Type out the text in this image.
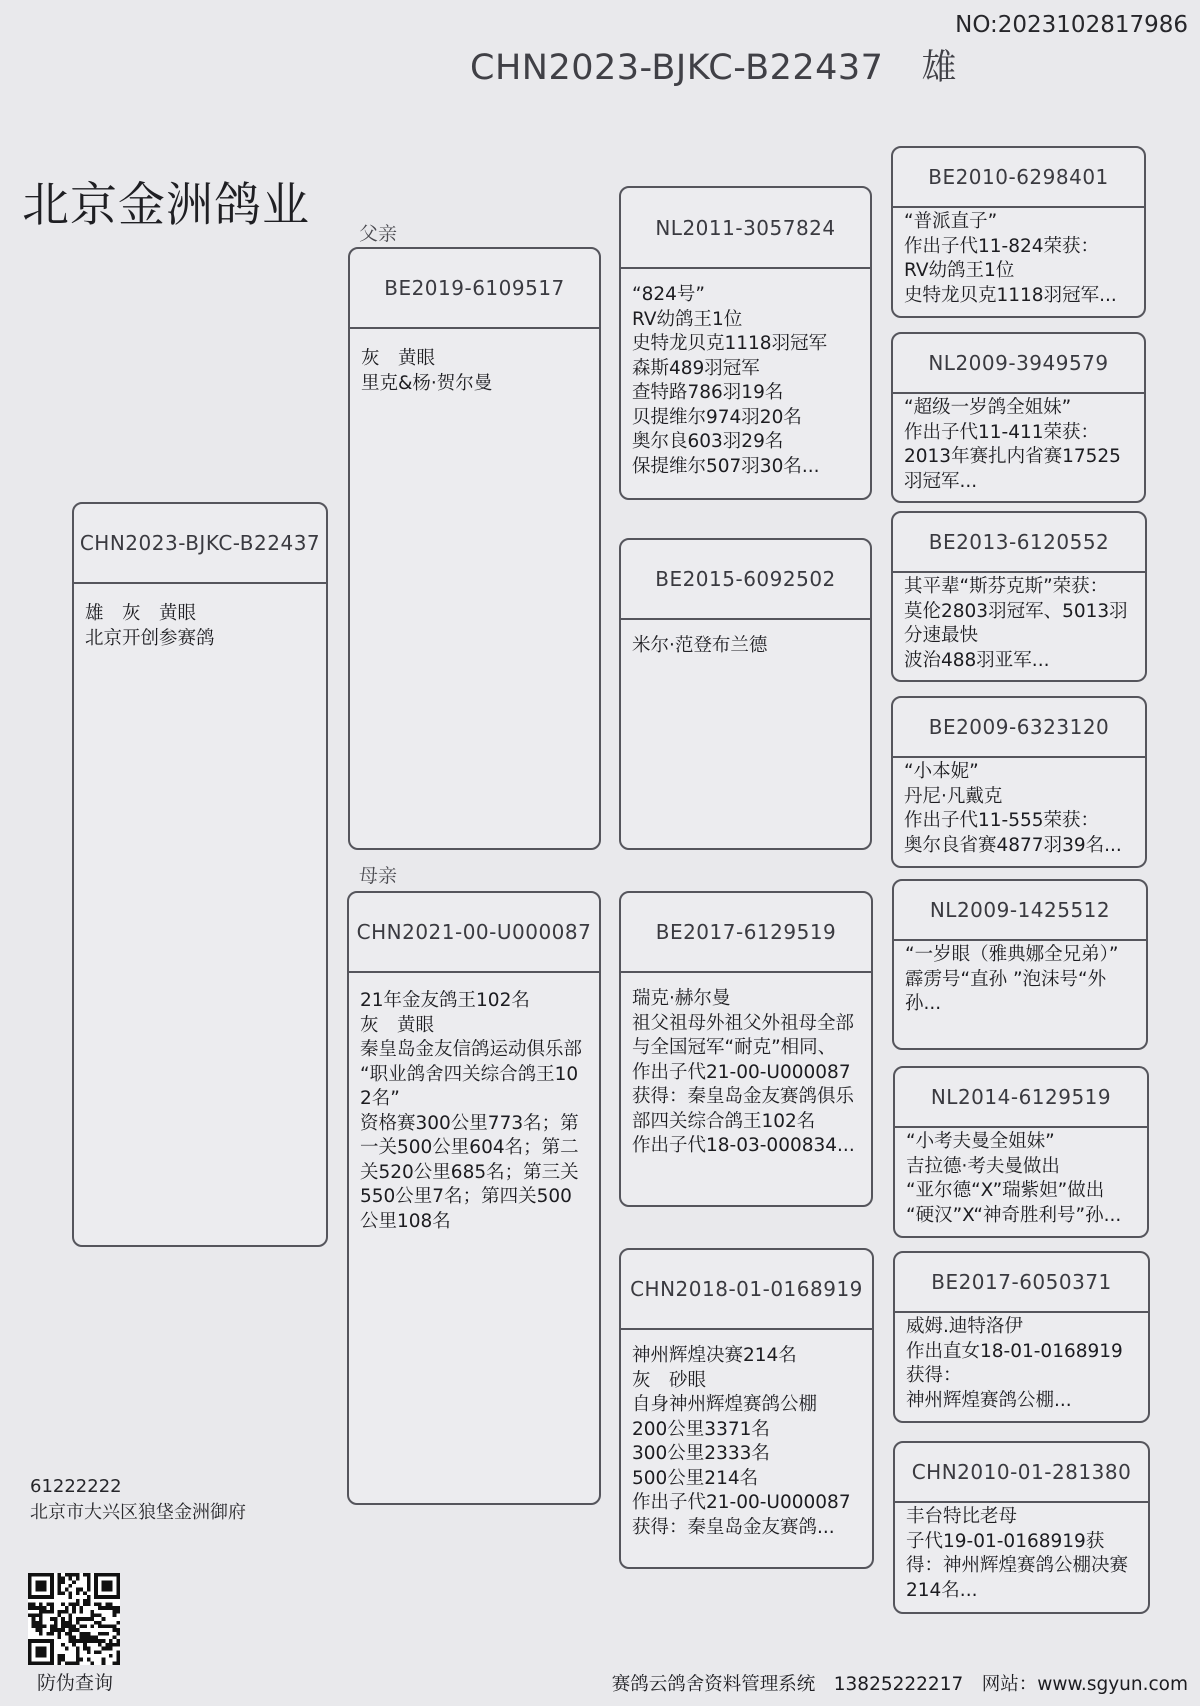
NO:2023102817986
CHN2023-BJKC-B22437 雄
北京金洲鸽业
父亲
母亲
CHN2023-BJKC-B22437
雄　灰　黄眼
北京开创参赛鸽
BE2019-6109517
灰　黄眼
里克&杨·贺尔曼
CHN2021-00-U000087
21年金友鸽王102名
灰　黄眼
秦皇岛金友信鸽运动俱乐部
“职业鸽舍四关综合鸽王102名”
资格赛300公里773名；第一关500公里604名；第二关520公里685名；第三关550公里7名；第四关500公里108名
NL2011-3057824
“824号”
RV幼鸽王1位
史特龙贝克1118羽冠军
森斯489羽冠军
查特路786羽19名
贝提维尔974羽20名
奥尔良603羽29名
保提维尔507羽30名...
BE2015-6092502
米尔·范登布兰德
BE2017-6129519
瑞克·赫尔曼
祖父祖母外祖父外祖母全部与全国冠军“耐克”相同、
作出子代21-00-U000087获得：秦皇岛金友赛鸽俱乐部四关综合鸽王102名
作出子代18-03-000834...
CHN2018-01-0168919
神州辉煌决赛214名
灰　砂眼
自身神州辉煌赛鸽公棚
200公里3371名
300公里2333名
500公里214名
作出子代21-00-U000087
获得：秦皇岛金友赛鸽...
BE2010-6298401
“普派直子”
作出子代11-824荣获：
RV幼鸽王1位
史特龙贝克1118羽冠军...
NL2009-3949579
“超级一岁鸽全姐妹”
作出子代11-411荣获：
2013年赛扎内省赛17525羽冠军...
BE2013-6120552
其平辈“斯芬克斯”荣获：
莫伦2803羽冠军、5013羽分速最快
波治488羽亚军...
BE2009-6323120
“小本妮”
丹尼·凡戴克
作出子代11-555荣获：
奥尔良省赛4877羽39名...
NL2009-1425512
“一岁眼（雅典娜全兄弟）”
霹雳号“直孙 ”泡沫号“外孙...
NL2014-6129519
“小考夫曼全姐妹”
吉拉德·考夫曼做出
“亚尔德“X”瑞紫妲”做出
“硬汉”X“神奇胜利号”孙...
BE2017-6050371
威姆.迪特洛伊
作出直女18-01-0168919获得：
神州辉煌赛鸽公棚...
CHN2010-01-281380
丰台特比老母
子代19-01-0168919获得：神州辉煌赛鸽公棚决赛214名...
61222222
北京市大兴区狼垡金洲御府
防伪查询	赛鸽云鸽舍资料管理系统　13825222217　网站：www.sgyun.com
